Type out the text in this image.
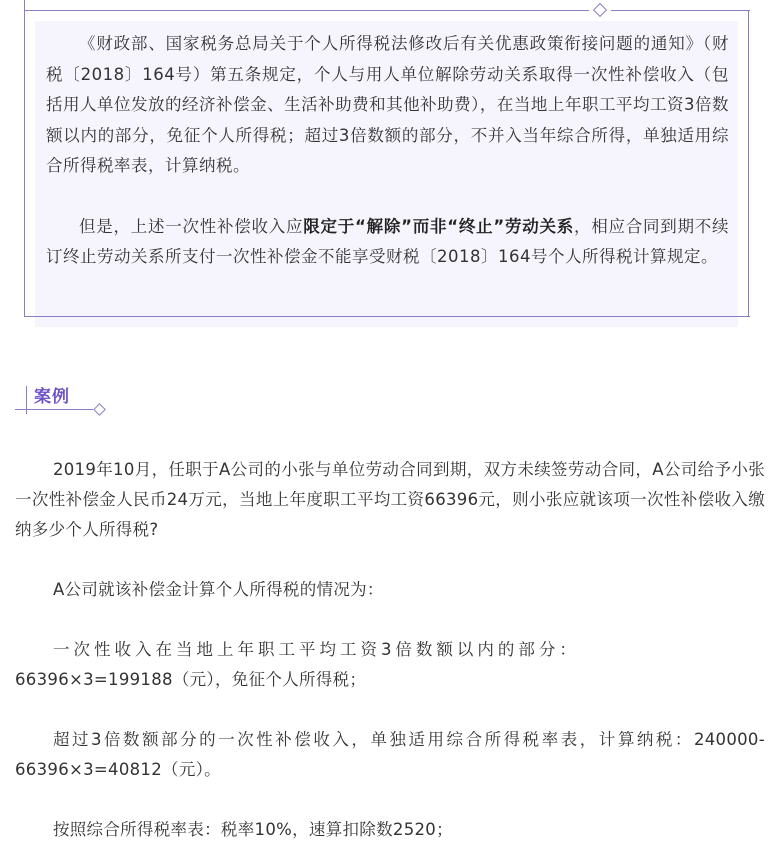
《财政部、国家税务总局关于个人所得税法修改后有关优惠政策衔接问题的通知》（财税〔2018〕164号）第五条规定，个人与用人单位解除劳动关系取得一次性补偿收入（包括用人单位发放的经济补偿金、生活补助费和其他补助费），在当地上年职工平均工资3倍数额以内的部分，免征个人所得税；超过3倍数额的部分，不并入当年综合所得，单独适用综合所得税率表，计算纳税。

但是，上述一次性补偿收入应限定于“解除”而非“终止”劳动关系，相应合同到期不续订终止劳动关系所支付一次性补偿金不能享受财税〔2018〕164号个人所得税计算规定。

案例

2019年10月，任职于A公司的小张与单位劳动合同到期，双方未续签劳动合同，A公司给予小张一次性补偿金人民币24万元，当地上年度职工平均工资66396元，则小张应就该项一次性补偿收入缴纳多少个人所得税?

A公司就该补偿金计算个人所得税的情况为：

一次性收入在当地上年职工平均工资3倍数额以内的部分：

66396×3=199188（元），免征个人所得税；

超过3倍数额部分的一次性补偿收入，单独适用综合所得税率表，计算纳税：240000-66396×3=40812（元）。

按照综合所得税率表：税率10%，速算扣除数2520；
